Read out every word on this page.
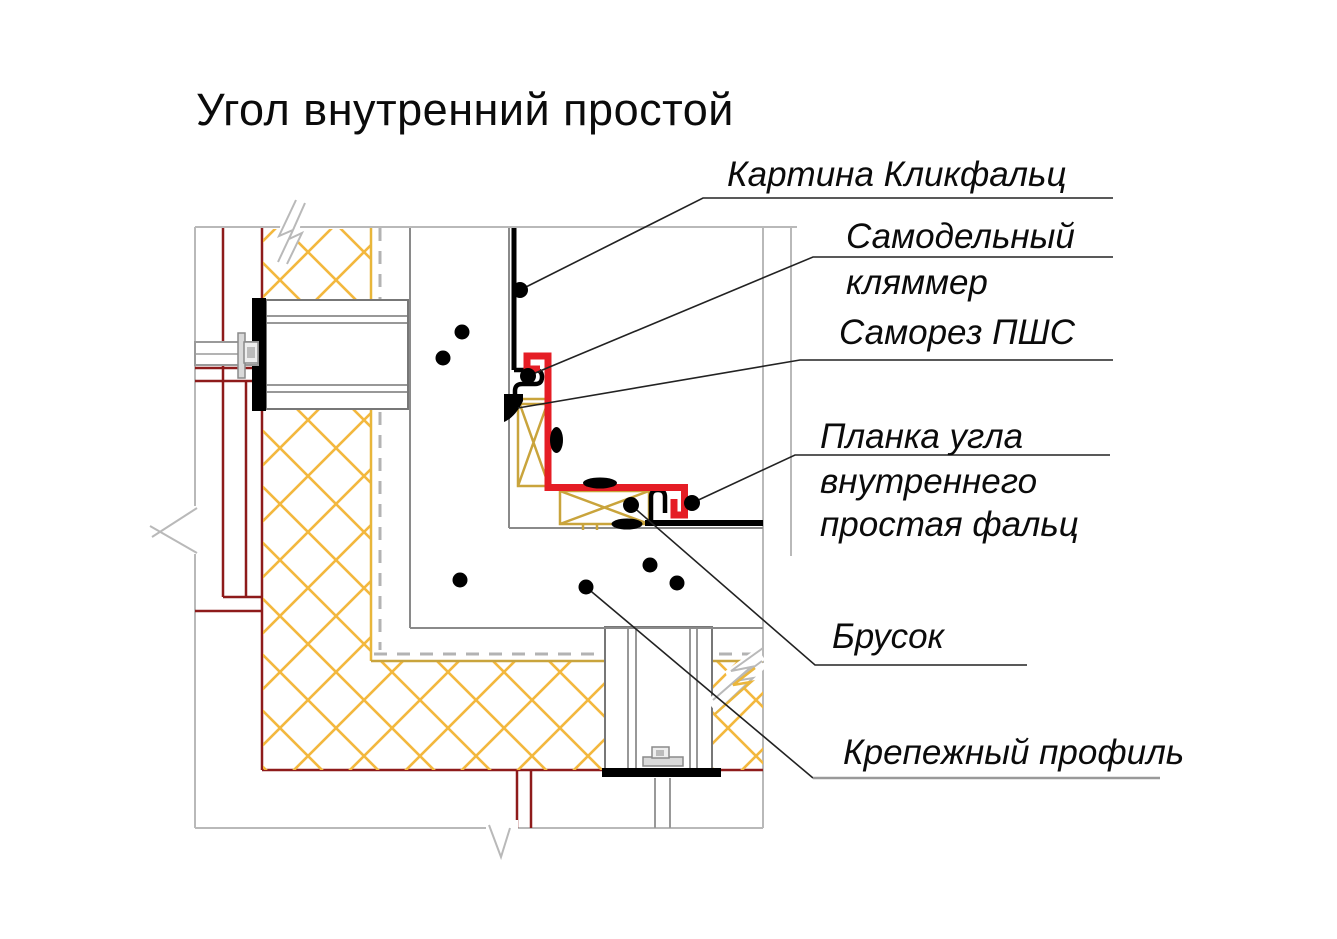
Угол внутренний простой
Картина Кликфальц
Самодельный
кляммер
Саморез ПШС
Планка угла
внутреннего
простая фальц
Брусок
Крепежный профиль
